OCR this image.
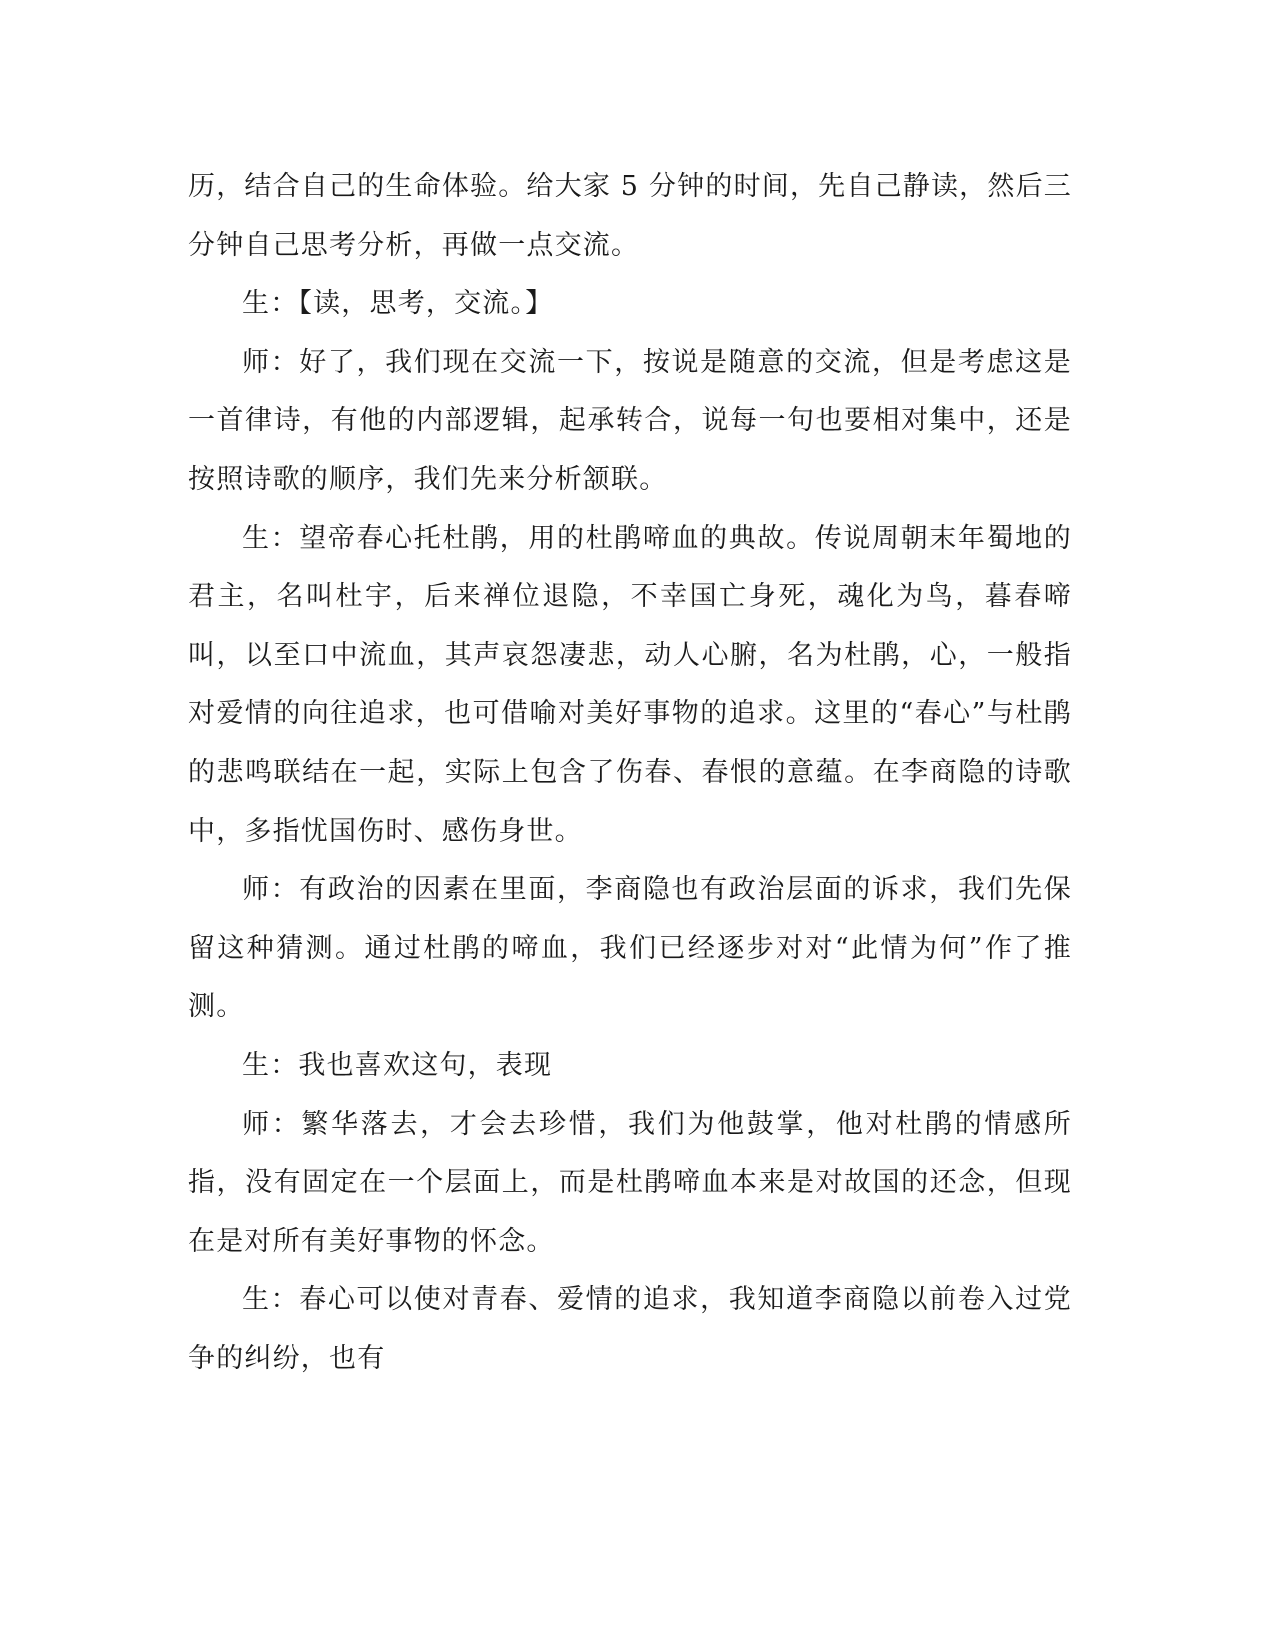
历，结合自己的生命体验。给大家 5 分钟的时间，先自己静读，然后三分钟自己思考分析，再做一点交流。

生：【读，思考，交流。】

师：好了，我们现在交流一下，按说是随意的交流，但是考虑这是一首律诗，有他的内部逻辑，起承转合，说每一句也要相对集中，还是按照诗歌的顺序，我们先来分析颔联。

生：望帝春心托杜鹃，用的杜鹃啼血的典故。传说周朝末年蜀地的君主，名叫杜宇，后来禅位退隐，不幸国亡身死，魂化为鸟，暮春啼叫，以至口中流血，其声哀怨凄悲，动人心腑，名为杜鹃，心，一般指对爱情的向往追求，也可借喻对美好事物的追求。这里的“春心”与杜鹃的悲鸣联结在一起，实际上包含了伤春、春恨的意蕴。在李商隐的诗歌中，多指忧国伤时、感伤身世。

师：有政治的因素在里面，李商隐也有政治层面的诉求，我们先保留这种猜测。通过杜鹃的啼血，我们已经逐步对对“此情为何”作了推测。

生：我也喜欢这句，表现

师：繁华落去，才会去珍惜，我们为他鼓掌，他对杜鹃的情感所指，没有固定在一个层面上，而是杜鹃啼血本来是对故国的还念，但现在是对所有美好事物的怀念。

生：春心可以使对青春、爱情的追求，我知道李商隐以前卷入过党争的纠纷，也有
